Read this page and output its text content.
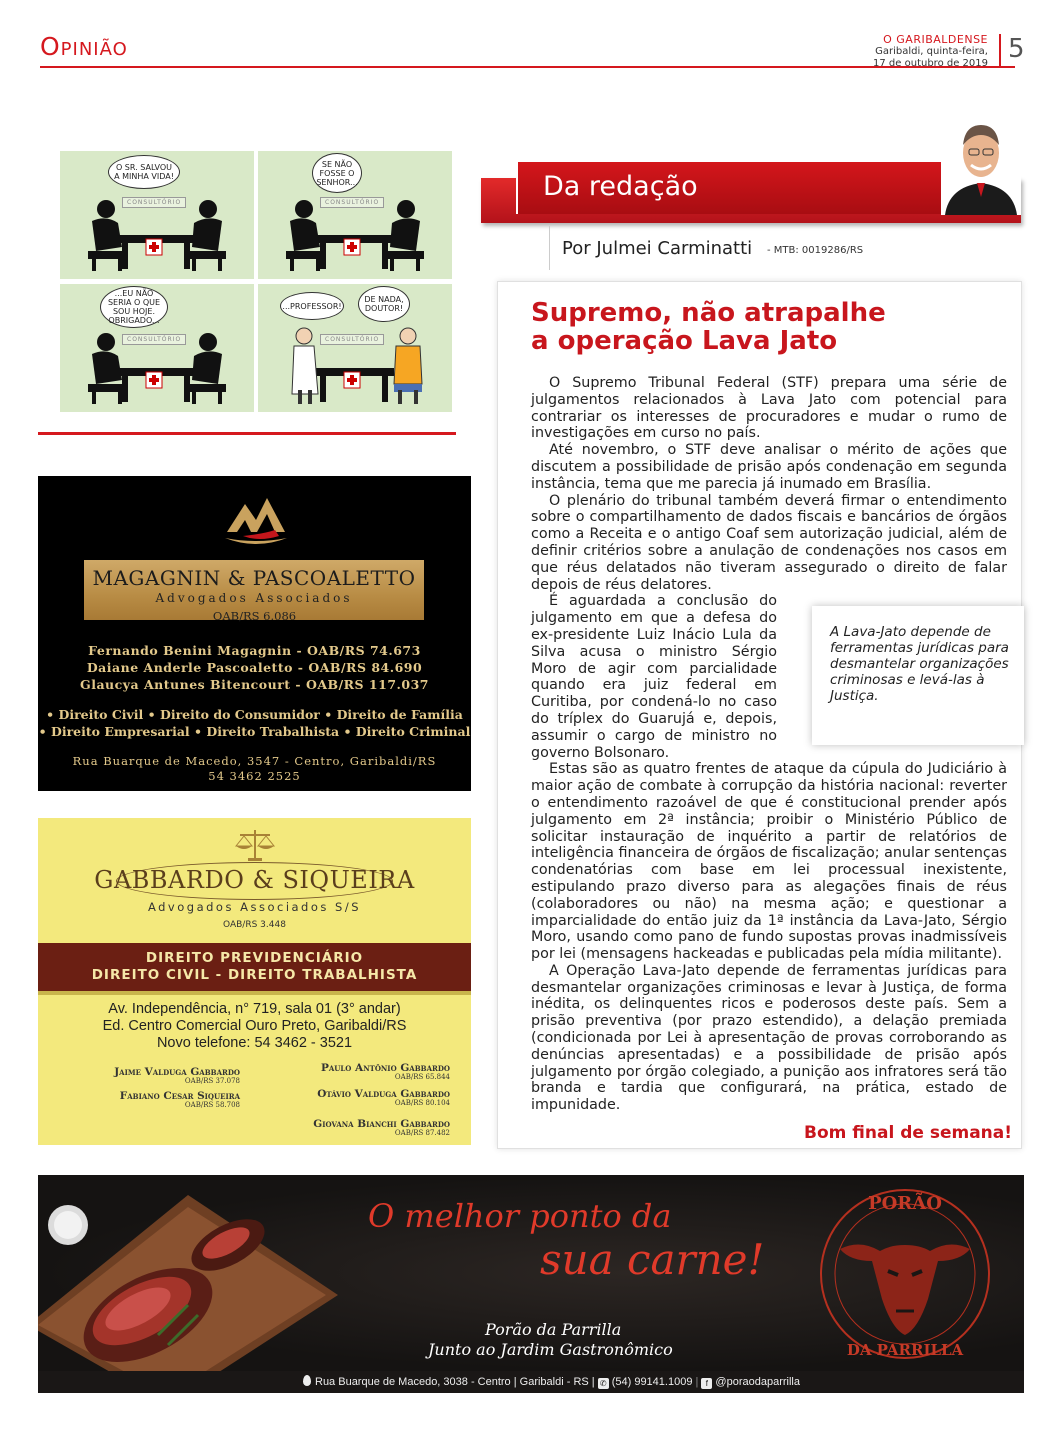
Opinião	O GARIBALDENSE
Garibaldi, quinta-feira,
17 de outubro de 2019 5
CONSULTÓRIO
O SR. SALVOU A MINHA VIDA!
CONSULTÓRIO
SE NÃO FOSSE O SENHOR...
CONSULTÓRIO
...EU NÃO SERIA O QUE SOU HOJE. OBRIGADO...
CONSULTÓRIO
...PROFESSOR!
DE NADA, DOUTOR!
MAGAGNIN & PASCOALETTO
Advogados Associados
OAB/RS 6.086
Fernando Benini Magagnin - OAB/RS 74.673
Daiane Anderle Pascoaletto - OAB/RS 84.690
Glaucya Antunes Bitencourt - OAB/RS 117.037
• Direito Civil • Direito do Consumidor • Direito de Família
• Direito Empresarial • Direito Trabalhista • Direito Criminal
Rua Buarque de Macedo, 3547 - Centro, Garibaldi/RS
54 3462 2525
GABBARDO & SIQUEIRA
Advogados Associados S/S
OAB/RS 3.448
DIREITO PREVIDENCIÁRIO
DIREITO CIVIL - DIREITO TRABALHISTA
Av. Independência, n° 719, sala 01 (3° andar)
Ed. Centro Comercial Ouro Preto, Garibaldi/RS
Novo telefone: 54 3462 - 3521
Jaime Valduga Gabbardo
OAB/RS 37.078
Paulo Antônio Gabbardo
OAB/RS 65.844
Fabiano Cesar Siqueira
OAB/RS 58.708
Otávio Valduga Gabbardo
OAB/RS 80.104
Giovana Bianchi Gabbardo
OAB/RS 87.482
Da redação
Por Julmei Carminatti - MTB: 0019286/RS
Supremo, não atrapalhe
a operação Lava Jato

O Supremo Tribunal Federal (STF) prepara uma série de julgamentos relacionados à Lava Jato com potencial para contrariar os interesses de procuradores e mudar o rumo de investigações em curso no país.

Até novembro, o STF deve analisar o mérito de ações que discutem a possibilidade de prisão após condenação em segunda instância, tema que me parecia já inumado em Brasília.

O plenário do tribunal também deverá firmar o entendimento sobre o compartilhamento de dados fiscais e bancários de órgãos como a Receita e o antigo Coaf sem autorização judicial, além de definir critérios sobre a anulação de condenações nos casos em que réus delatados não tiveram assegurado o direito de falar depois de réus delatores.

É aguardada a conclusão do julgamento em que a defesa do ex-presidente Luiz Inácio Lula da Silva acusa o ministro Sérgio Moro de agir com parcialidade quando era juiz federal em Curitiba, por condená-lo no caso do tríplex do Guarujá e, depois, assumir o cargo de ministro no governo Bolsonaro.

Estas são as quatro frentes de ataque da cúpula do Judiciário à maior ação de combate à corrupção da história nacional: reverter o entendimento razoável de que é constitucional prender após julgamento em 2ª instância; proibir o Ministério Público de solicitar instauração de inquérito a partir de relatórios de inteligência financeira de órgãos de fiscalização; anular sentenças condenatórias com base em lei processual inexistente, estipulando prazo diverso para as alegações finais de réus (colaboradores ou não) na mesma ação; e questionar a imparcialidade do então juiz da 1ª instância da Lava-Jato, Sérgio Moro, usando como pano de fundo supostas provas inadmissíveis por lei (mensagens hackeadas e publicadas pela mídia militante).

A Operação Lava-Jato depende de ferramentas jurídicas para desmantelar organizações criminosas e levar à Justiça, de forma inédita, os delinquentes ricos e poderosos deste país. Sem a prisão preventiva (por prazo estendido), a delação premiada (condicionada por Lei à apresentação de provas corroborando as denúncias apresentadas) e a possibilidade de prisão após julgamento por órgão colegiado, a punição aos infratores será tão branda e tardia que configurará, na prática, estado de impunidade.

A Lava-Jato depende de ferramentas jurídicas para desmantelar organizações criminosas e levá-las à Justiça.
Bom final de semana!
O melhor ponto da
sua carne!
Porão da Parrilla
Junto ao Jardim Gastronômico
PORÃO
DA PARRILLA
Rua Buarque de Macedo, 3038 - Centro | Garibaldi - RS | ✆ (54) 99141.1009 | f @poraodaparrilla
